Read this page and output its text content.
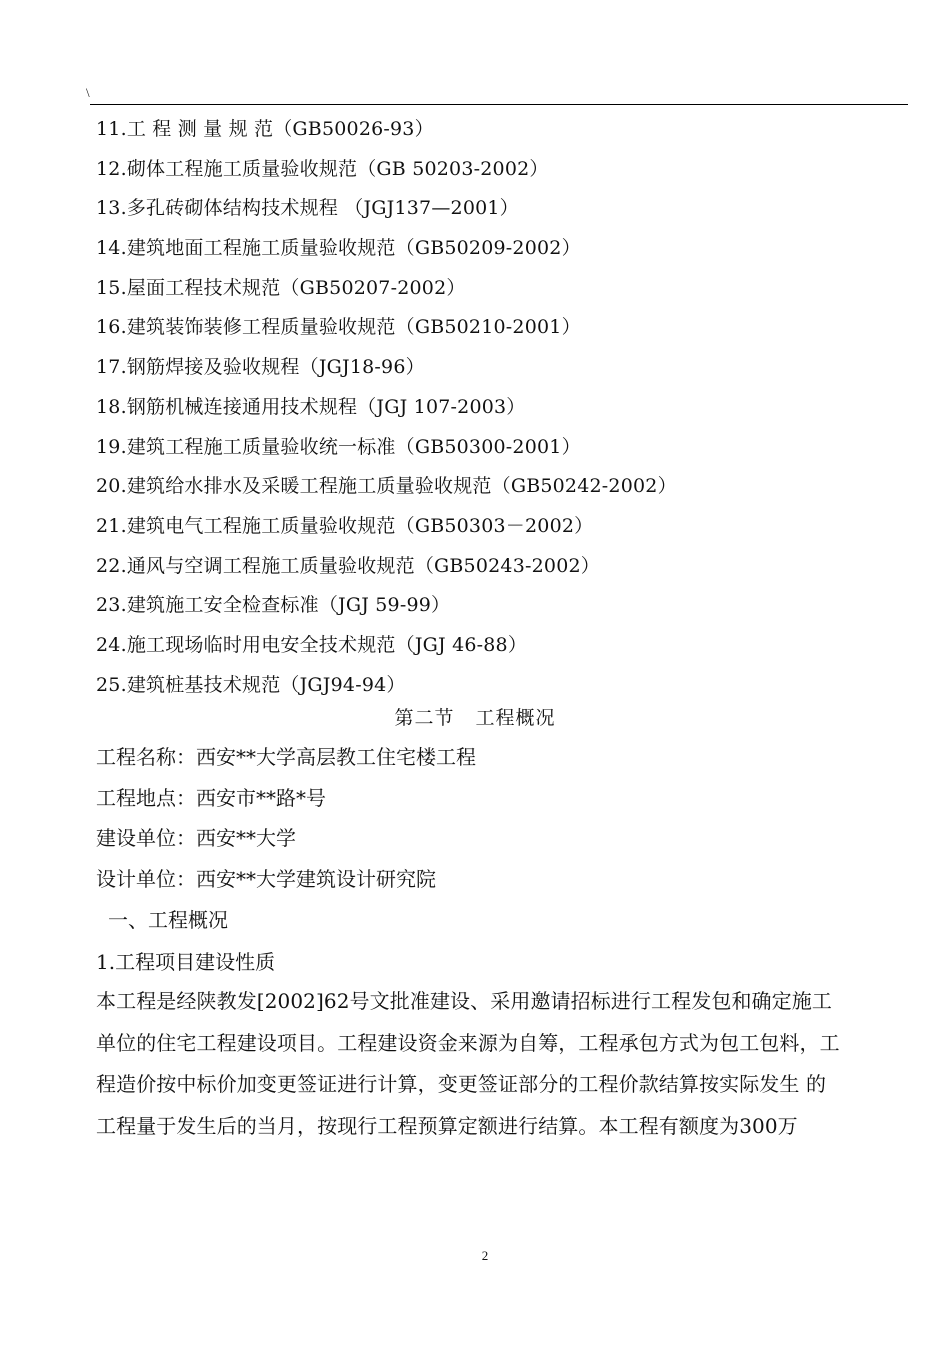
\
11.工 程 测 量 规 范（GB50026-93）
12.砌体工程施工质量验收规范（GB 50203-2002）
13.多孔砖砌体结构技术规程 （JGJ137—2001）
14.建筑地面工程施工质量验收规范（GB50209-2002）
15.屋面工程技术规范（GB50207-2002）
16.建筑装饰装修工程质量验收规范（GB50210-2001）
17.钢筋焊接及验收规程（JGJ18-96）
18.钢筋机械连接通用技术规程（JGJ 107-2003）
19.建筑工程施工质量验收统一标准（GB50300-2001）
20.建筑给水排水及采暖工程施工质量验收规范（GB50242-2002）
21.建筑电气工程施工质量验收规范（GB50303－2002）
22.通风与空调工程施工质量验收规范（GB50243-2002）
23.建筑施工安全检查标准（JGJ 59-99）
24.施工现场临时用电安全技术规范（JGJ 46-88）
25.建筑桩基技术规范（JGJ94-94）
第二节   工程概况
工程名称：西安**大学高层教工住宅楼工程
工程地点：西安市**路*号
建设单位：西安**大学
设计单位：西安**大学建筑设计研究院
一、工程概况
1.工程项目建设性质
本工程是经陕教发[2002]62号文批准建设、采用邀请招标进行工程发包和确定施工
单位的住宅工程建设项目。工程建设资金来源为自筹，工程承包方式为包工包料，工
程造价按中标价加变更签证进行计算，变更签证部分的工程价款结算按实际发生 的
工程量于发生后的当月，按现行工程预算定额进行结算。本工程有额度为300万
2
